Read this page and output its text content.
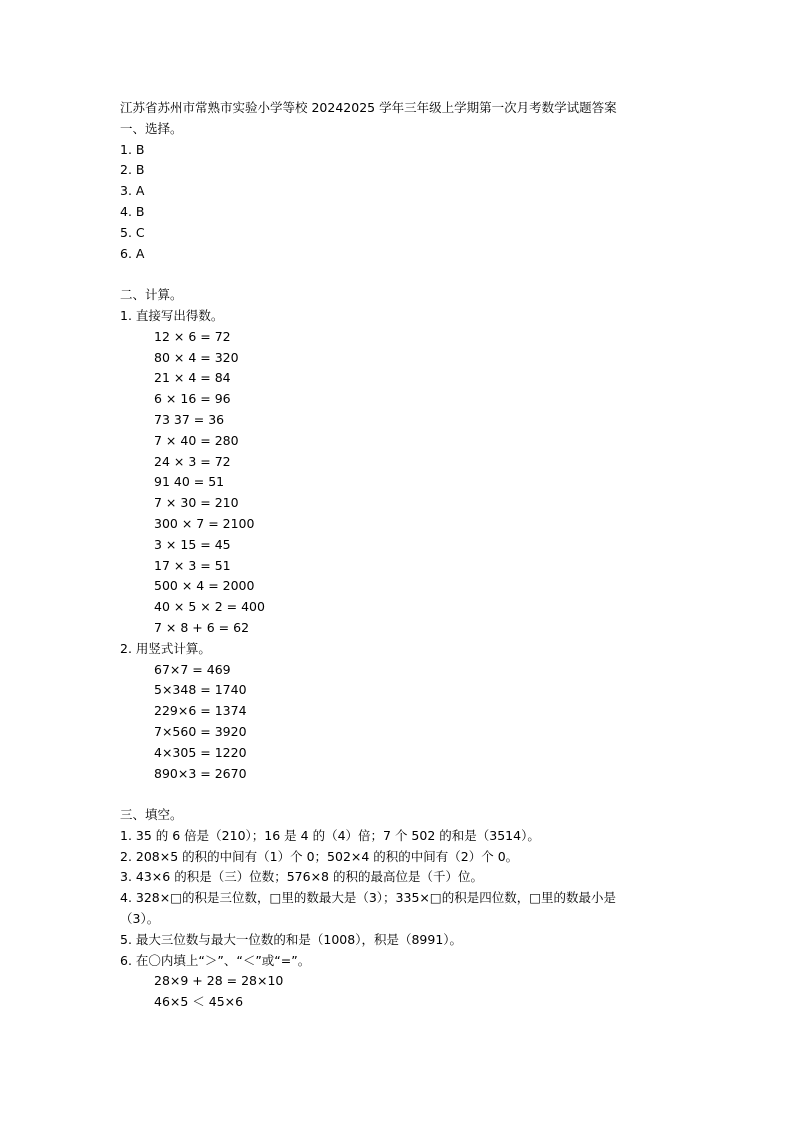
江苏省苏州市常熟市实验小学等校 20242025 学年三年级上学期第一次月考数学试题答案
一、选择。
1. B
2. B
3. A
4. B
5. C
6. A
二、计算。
1. 直接写出得数。
12 × 6 = 72
80 × 4 = 320
21 × 4 = 84
6 × 16 = 96
73 37 = 36
7 × 40 = 280
24 × 3 = 72
91 40 = 51
7 × 30 = 210
300 × 7 = 2100
3 × 15 = 45
17 × 3 = 51
500 × 4 = 2000
40 × 5 × 2 = 400
7 × 8 + 6 = 62
2. 用竖式计算。
67×7 = 469
5×348 = 1740
229×6 = 1374
7×560 = 3920
4×305 = 1220
890×3 = 2670
三、填空。
1. 35 的 6 倍是（210）；16 是 4 的（4）倍；7 个 502 的和是（3514）。
2. 208×5 的积的中间有（1）个 0；502×4 的积的中间有（2）个 0。
3. 43×6 的积是（三）位数；576×8 的积的最高位是（千）位。
4. 328×□的积是三位数，□里的数最大是（3）；335×□的积是四位数，□里的数最小是
（3）。
5. 最大三位数与最大一位数的和是（1008），积是（8991）。
6. 在〇内填上“＞”、“＜”或“=”。
28×9 + 28 = 28×10
46×5 ＜ 45×6
